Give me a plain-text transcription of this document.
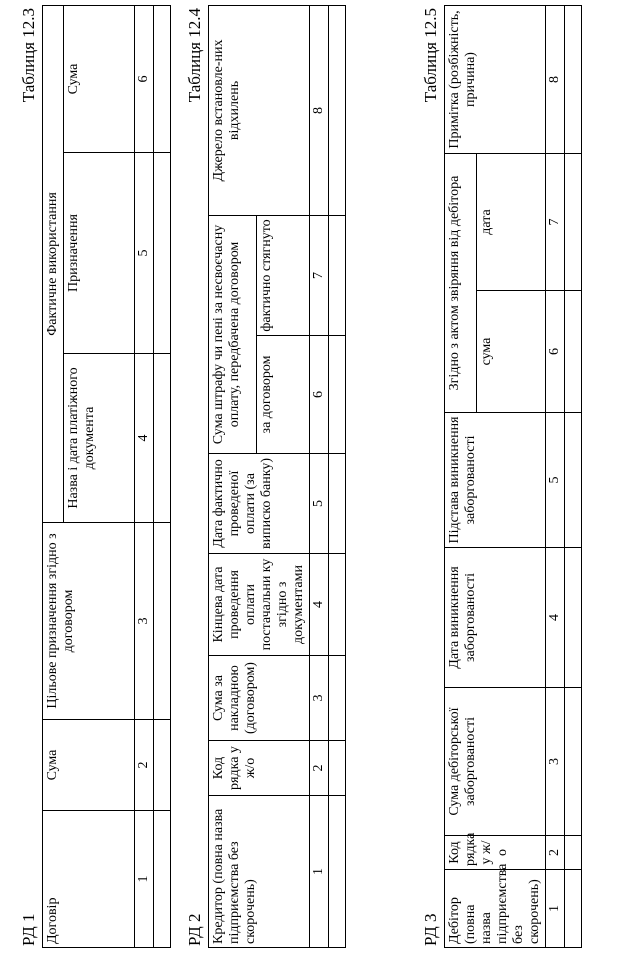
РД 1
Таблиця 12.3
Договір	Сума	Цільове призначення згідно з договором	Фактичне використання		
			Назва і дата платіжного документа	Призначення	Сума
1	2	3	4	5	6

РД 2
Таблиця 12.4
Кредитор (повна назва підприємства без скорочень)	Код рядка у ж/о	Сума за накладною (договором)	Кінцева дата проведення оплати постачальни ку згідно з документами	Дата фактично проведеної оплати (за виписко банку)	Сума штрафу чи пені за несвоєчасну оплату, передбачена договором		Джерело встановле-них відхилень
					за договором	фактично стягнуто	
1	2	3	4	5	6	7	8

РД 3
Таблиця 12.5
Дебітор (повна назва підприємства без скорочень)	Код рядка у ж/о	Сума дебіторської заборгованості	Дата виникнення заборгованості	Підстава виникнення заборгованості	Згідно з актом звіряння від дебітора		Примітка (розбіжність, причина)
					сума	дата	
1	2	3	4	5	6	7	8
